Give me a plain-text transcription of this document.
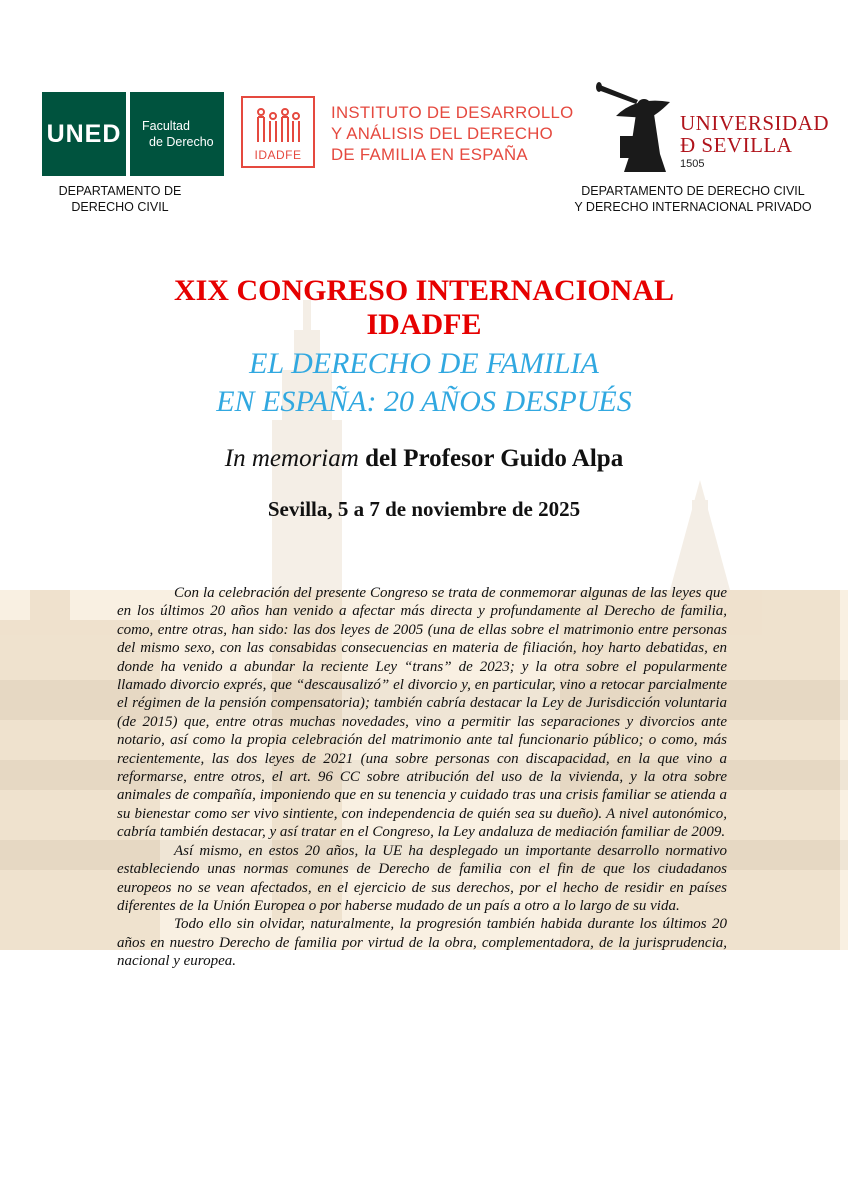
UNED	Facultad
de Derecho
DEPARTAMENTO DE
DERECHO CIVIL
IDADFE
INSTITUTO DE DESARROLLO
Y ANÁLISIS DEL DERECHO
DE FAMILIA EN ESPAÑA
UNIVERSIDAD
Ð SEVILLA
1505
DEPARTAMENTO DE DERECHO CIVIL
Y DERECHO INTERNACIONAL PRIVADO
XIX CONGRESO INTERNACIONAL
IDADFE
EL DERECHO DE FAMILIA
EN ESPAÑA: 20 AÑOS DESPUÉS
In memoriam del Profesor Guido Alpa
Sevilla, 5 a 7 de noviembre de 2025

Con la celebración del presente Congreso se trata de conmemorar algunas de las leyes que en los últimos 20 años han venido a afectar más directa y profundamente al Derecho de familia, como, entre otras, han sido: las dos leyes de 2005 (una de ellas sobre el matrimonio entre personas del mismo sexo, con las consabidas consecuencias en materia de filiación, hoy harto debatidas, en donde ha venido a abundar la reciente Ley “trans” de 2023; y la otra sobre el popularmente llamado divorcio exprés, que “descausalizó” el divorcio y, en particular, vino a retocar parcialmente el régimen de la pensión compensatoria); también cabría destacar la Ley de Jurisdicción voluntaria (de 2015) que, entre otras muchas novedades, vino a permitir las separaciones y divorcios ante notario, así como la propia celebración del matrimonio ante tal funcionario público; o como, más recientemente, las dos leyes de 2021 (una sobre personas con discapacidad, en la que vino a reformarse, entre otros, el art. 96 CC sobre atribución del uso de la vivienda, y la otra sobre animales de compañía, imponiendo que en su tenencia y cuidado tras una crisis familiar se atienda a su bienestar como ser vivo sintiente, con independencia de quién sea su dueño). A nivel autonómico, cabría también destacar, y así tratar en el Congreso, la Ley andaluza de mediación familiar de 2009.

Así mismo, en estos 20 años, la UE ha desplegado un importante desarrollo normativo estableciendo unas normas comunes de Derecho de familia con el fin de que los ciudadanos europeos no se vean afectados, en el ejercicio de sus derechos, por el hecho de residir en países diferentes de la Unión Europea o por haberse mudado de un país a otro a lo largo de su vida.

Todo ello sin olvidar, naturalmente, la progresión también habida durante los últimos 20 años en nuestro Derecho de familia por virtud de la obra, complementadora, de la jurisprudencia, nacional y europea.
